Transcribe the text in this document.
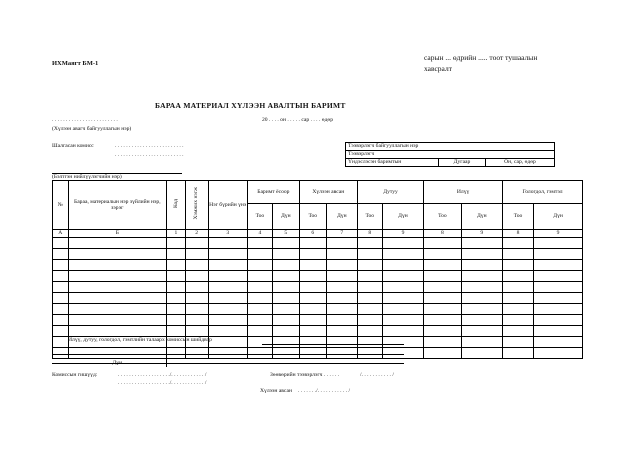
ИХМаягт БМ-1
сарын ... өдрийн ..... тоот тушаалын
хавсралт
БАРАА МАТЕРИАЛ ХҮЛЭЭН АВАЛТЫН БАРИМТ
. . . . . . . . . . . . . . . . . . . . . . . .
(Хүлээн авагч байгууллагын нэр)
20 . . . . он . . . . . сар . . . . өдөр
Шалгасан комисс	. . . . . . . . . . . . . . . . . . . . . . . . .
. . . . . . . . . . . . . . . . . . . . . . . . .
Тээвэрлэгч байгууллагын нэр
Тээвэрлэгч
Үндэслэсэн баримтын	Дугаар	Он, сар, өдөр
(Бэлтгэн нийлүүлэгчийн нэр)
№	Бараа, материалын нэр зүйлийн нэр, зэрэг	Код	Хэмжих нэгж	Нэг бүрийн үнэ	Баримт ёсоор		Хүлээн авсан		Дутуу		Илүү		Гологдол, гэмтэл	
					Тоо	Дүн	Тоо	Дүн	Тоо	Дүн	Тоо	Дүн	Тоо	Дүн
А	Б	1	2	3	4	5	6	7	8	9	8	9	8	9

Дүн														
Илүү, дутуу, гологдол, гэмтлийн талаарх комиссын шийдвэр
Комиссын гишүүд:	. . . . . . . . . . . . . . . . . . ./. . . . . . . . . . . . /
. . . . . . . . . . . . . . . . . . ./. . . . . . . . . . . . /
Зөөвөрийн тээвэрлэгч . . . . . .	/. . . . . . . . . . . /
Хүлээн авсан . . . . . . ./. . . . . . . . . . . /
